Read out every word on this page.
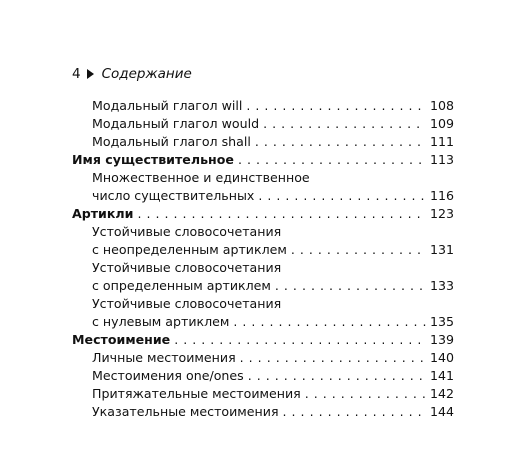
4 Содержание
Модальный глагол will . . .	108
Модальный глагол would . . .	109
Модальный глагол shall . . .	111
Имя существительное . . .	113
Множественное и единственное
число существительных . . .	116
Артикли . . .	123
Устойчивые словосочетания
с неопределенным артиклем . . .	131
Устойчивые словосочетания
с определенным артиклем . . .	133
Устойчивые словосочетания
с нулевым артиклем . . .	135
Местоимение . . .	139
Личные местоимения . . .	140
Местоимения one/ones . . .	141
Притяжательные местоимения . . .	142
Указательные местоимения . . .	144
